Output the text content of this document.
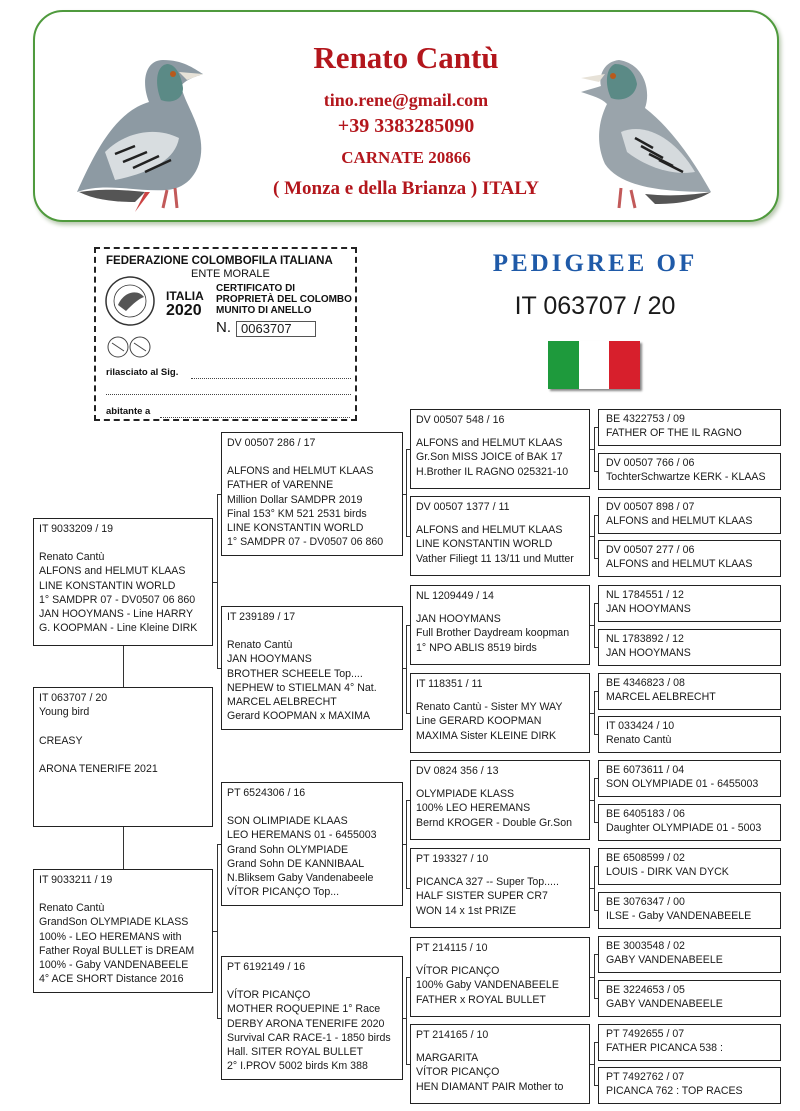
Renato Cantù
tino.rene@gmail.com
+39 3383285090
CARNATE 20866
( Monza e della Brianza ) ITALY
FEDERAZIONE COLOMBOFILA ITALIANA
ENTE MORALE
ITALIA
2020
CERTIFICATO DI
PROPRIETÀ DEL COLOMBO
MUNITO DI ANELLO
N. 0063707
rilasciato al Sig.
abitante a
PEDIGREE OF
IT 063707 / 20
IT 9033209 / 19
Renato Cantù
ALFONS and HELMUT KLAAS
LINE KONSTANTIN WORLD
1° SAMDPR 07 - DV0507 06 860
JAN HOOYMANS - Line HARRY
G. KOOPMAN - Line Kleine DIRK
IT 063707 / 20
Young bird

CREASY

ARONA TENERIFE 2021
IT 9033211 / 19
Renato Cantù
GrandSon OLYMPIADE KLASS
100% - LEO HEREMANS with
Father Royal BULLET is DREAM
100% - Gaby VANDENABEELE
4° ACE SHORT Distance 2016
DV 00507 286 / 17
ALFONS and HELMUT KLAAS
FATHER of VARENNE
Million Dollar SAMDPR 2019
Final 153° KM 521 2531 birds
LINE KONSTANTIN WORLD
1° SAMDPR 07 - DV0507 06 860
IT 239189 / 17
Renato Cantù
JAN HOOYMANS
BROTHER SCHEELE Top....
NEPHEW to STIELMAN 4° Nat.
MARCEL AELBRECHT
Gerard KOOPMAN x MAXIMA
PT 6524306 / 16
SON OLIMPIADE KLAAS
LEO HEREMANS 01 - 6455003
Grand Sohn OLYMPIADE
Grand Sohn DE KANNIBAAL
N.Bliksem Gaby Vandenabeele
VÍTOR PICANÇO Top...
PT 6192149 / 16
VÍTOR PICANÇO
MOTHER ROQUEPINE 1° Race
DERBY ARONA TENERIFE 2020
Survival CAR RACE-1 - 1850 birds
Hall. SITER ROYAL BULLET
2° I.PROV 5002 birds Km 388
DV 00507 548 / 16
ALFONS and HELMUT KLAAS
Gr.Son MISS JOICE of BAK 17
H.Brother IL RAGNO 025321-10
DV 00507 1377 / 11
ALFONS and HELMUT KLAAS
LINE KONSTANTIN WORLD
Vather Filiegt 11 13/11 und Mutter
NL 1209449 / 14
JAN HOOYMANS
Full Brother Daydream koopman
1° NPO ABLIS 8519 birds
IT 118351 / 11
Renato Cantù - Sister MY WAY
Line GERARD KOOPMAN
MAXIMA Sister KLEINE DIRK
DV 0824 356 / 13
OLYMPIADE KLASS
100% LEO HEREMANS
Bernd KROGER - Double Gr.Son
PT 193327 / 10
PICANCA 327 -- Super Top.....
HALF SISTER SUPER CR7
WON 14 x 1st PRIZE
PT 214115 / 10
VÍTOR PICANÇO
100% Gaby VANDENABEELE
FATHER x ROYAL BULLET
PT 214165 / 10
MARGARITA
VÍTOR PICANÇO
HEN DIAMANT PAIR Mother to
BE 4322753 / 09
FATHER OF THE IL RAGNO
DV 00507 766 / 06
TochterSchwartze KERK - KLAAS
DV 00507 898 / 07
ALFONS and HELMUT KLAAS
DV 00507 277 / 06
ALFONS and HELMUT KLAAS
NL 1784551 / 12
JAN HOOYMANS
NL 1783892 / 12
JAN HOOYMANS
BE 4346823 / 08
MARCEL AELBRECHT
IT 033424 / 10
Renato Cantù
BE 6073611 / 04
SON OLYMPIADE 01 - 6455003
BE 6405183 / 06
Daughter OLYMPIADE 01 - 5003
BE 6508599 / 02
LOUIS - DIRK VAN DYCK
BE 3076347 / 00
ILSE - Gaby VANDENABEELE
BE 3003548 / 02
GABY VANDENABEELE
BE 3224653 / 05
GABY VANDENABEELE
PT 7492655 / 07
FATHER PICANCA 538 :
PT 7492762 / 07
PICANCA 762 : TOP RACES
